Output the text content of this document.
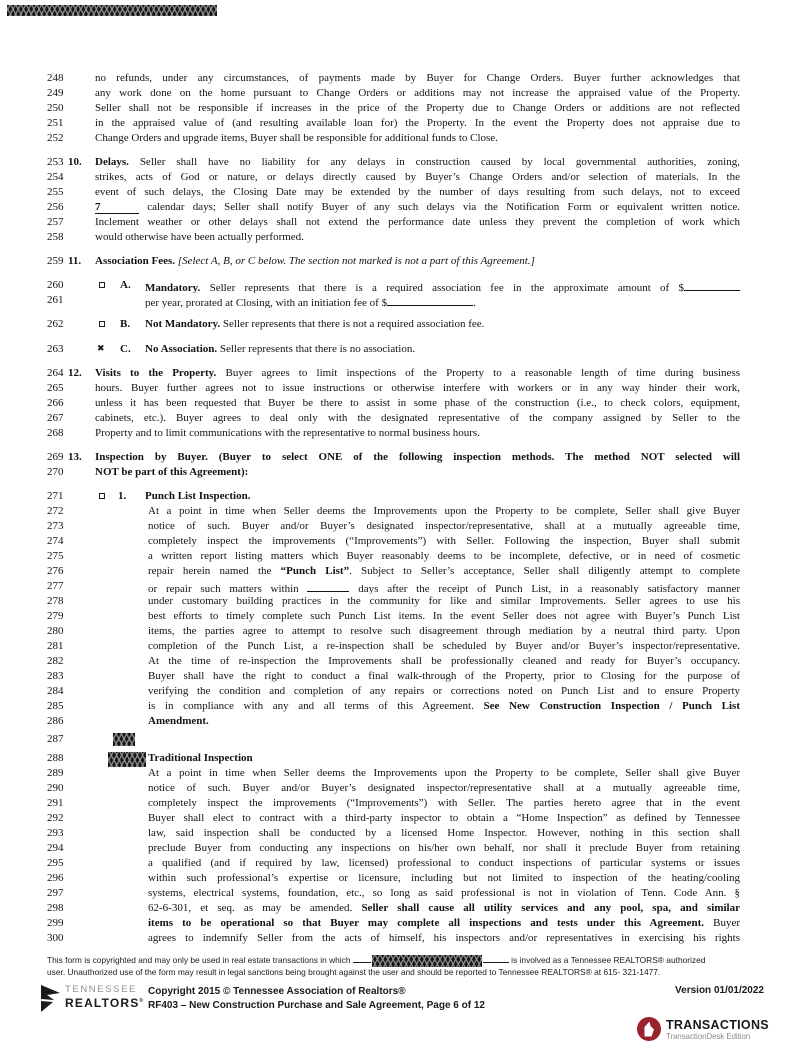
248	no refunds, under any circumstances, of payments made by Buyer for Change Orders. Buyer further acknowledges that
249	any work done on the home pursuant to Change Orders or additions may not increase the appraised value of the Property.
250	Seller shall not be responsible if increases in the price of the Property due to Change Orders or additions are not reflected
251	in the appraised value of (and resulting available loan for) the Property. In the event the Property does not appraise due to
252	Change Orders and upgrade items, Buyer shall be responsible for additional funds to Close.
253 10. Delays. Seller shall have no liability for any delays in construction caused by local governmental authorities, zoning,
254	strikes, acts of God or nature, or delays directly caused by Buyer’s Change Orders and/or selection of materials. In the
255	event of such delays, the Closing Date may be extended by the number of days resulting from such delays, not to exceed
256	7	calendar days; Seller shall notify Buyer of any such delays via the Notification Form or equivalent written notice.
257	Inclement weather or other delays shall not extend the performance date unless they prevent the completion of work which
258	would otherwise have been actually performed.
259 11. Association Fees. [Select A, B, or C below. The section not marked is not a part of this Agreement.]
260	A. Mandatory. Seller represents that there is a required association fee in the approximate amount of $
261	per year, prorated at Closing, with an initiation fee of $	.
262	B. Not Mandatory. Seller represents that there is not a required association fee.
263	✖ C. No Association. Seller represents that there is no association.
264 12. Visits to the Property. Buyer agrees to limit inspections of the Property to a reasonable length of time during business
265	hours. Buyer further agrees not to issue instructions or otherwise interfere with workers or in any way hinder their work,
266	unless it has been requested that Buyer be there to assist in some phase of the construction (i.e., to check colors, equipment,
267	cabinets, etc.). Buyer agrees to deal only with the designated representative of the company assigned by Seller to the
268	Property and to limit communications with the representative to normal business hours.
269 13. Inspection by Buyer. (Buyer to select ONE of the following inspection methods. The method NOT selected will
270	NOT be part of this Agreement):
271	1. Punch List Inspection.
272	At a point in time when Seller deems the Improvements upon the Property to be complete, Seller shall give Buyer
273	notice of such. Buyer and/or Buyer’s designated inspector/representative, shall at a mutually agreeable time,
274	completely inspect the improvements (“Improvements”) with Seller. Following the inspection, Buyer shall submit
275	a written report listing matters which Buyer reasonably deems to be incomplete, defective, or in need of cosmetic
276	repair herein named the “Punch List”. Subject to Seller’s acceptance, Seller shall diligently attempt to complete
277	or repair such matters within	days after the receipt of Punch List, in a reasonably satisfactory manner
278	under customary building practices in the community for like and similar Improvements. Seller agrees to use his
279	best efforts to timely complete such Punch List items. In the event Seller does not agree with Buyer’s Punch List
280	items, the parties agree to attempt to resolve such disagreement through mediation by a neutral third party. Upon
281	completion of the Punch List, a re-inspection shall be scheduled by Buyer and/or Buyer’s inspector/representative.
282	At the time of re-inspection the Improvements shall be professionally cleaned and ready for Buyer’s occupancy.
283	Buyer shall have the right to conduct a final walk-through of the Property, prior to Closing for the purpose of
284	verifying the condition and completion of any repairs or corrections noted on Punch List and to ensure Property
285	is in compliance with any and all terms of this Agreement. See New Construction Inspection / Punch List
286	Amendment.
287
288	Traditional Inspection
289	At a point in time when Seller deems the Improvements upon the Property to be complete, Seller shall give Buyer
290	notice of such. Buyer and/or Buyer’s designated inspector/representative shall at a mutually agreeable time,
291	completely inspect the improvements (“Improvements”) with Seller. The parties hereto agree that in the event
292	Buyer shall elect to contract with a third-party inspector to obtain a “Home Inspection” as defined by Tennessee
293	law, said inspection shall be conducted by a licensed Home Inspector. However, nothing in this section shall
294	preclude Buyer from conducting any inspections on his/her own behalf, nor shall it preclude Buyer from retaining
295	a qualified (and if required by law, licensed) professional to conduct inspections of particular systems or issues
296	within such professional’s expertise or licensure, including but not limited to inspection of the heating/cooling
297	systems, electrical systems, foundation, etc., so long as said professional is not in violation of Tenn. Code Ann. §
298	62-6-301, et seq. as may be amended. Seller shall cause all utility services and any pool, spa, and similar
299	items to be operational so that Buyer may complete all inspections and tests under this Agreement. Buyer
300	agrees to indemnify Seller from the acts of himself, his inspectors and/or representatives in exercising his rights
This form is copyrighted and may only be used in real estate transactions in which	is involved as a Tennessee REALTORS® authorized
user. Unauthorized use of the form may result in legal sanctions being brought against the user and should be reported to Tennessee REALTORS® at 615- 321-1477.
TENNESSEE
REALTORS®
Copyright 2015 © Tennessee Association of Realtors®
RF403 – New Construction Purchase and Sale Agreement, Page 6 of 12
Version 01/01/2022
TRANSACTIONS
TransactionDesk Edition
